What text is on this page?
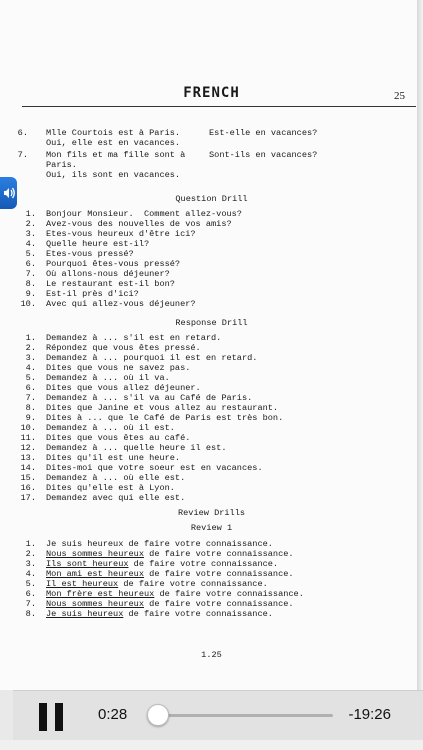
FRENCH	25
6. Mlle Courtois est à Paris.
Oui, elle est en vacances.
Est-elle en vacances?
7. Mon fils et ma fille sont à
Paris.
Oui, ils sont en vacances.
Sont-ils en vacances?
Question Drill
1. Bonjour Monsieur.  Comment allez-vous?
2. Avez-vous des nouvelles de vos amis?
3. Etes-vous heureux d'être ici?
4. Quelle heure est-il?
5. Etes-vous pressé?
6. Pourquoi êtes-vous pressé?
7. Où allons-nous déjeuner?
8. Le restaurant est-il bon?
9. Est-il près d'ici?
10. Avec qui allez-vous déjeuner?
Response Drill
1. Demandez à ... s'il est en retard.
2. Répondez que vous êtes pressé.
3. Demandez à ... pourquoi il est en retard.
4. Dites que vous ne savez pas.
5. Demandez à ... où il va.
6. Dites que vous allez déjeuner.
7. Demandez à ... s'il va au Café de Paris.
8. Dites que Janine et vous allez au restaurant.
9. Dites à ... que le Café de Paris est très bon.
10. Demandez à ... où il est.
11. Dites que vous êtes au café.
12. Demandez à ... quelle heure il est.
13. Dites qu'il est une heure.
14. Dites-moi que votre soeur est en vacances.
15. Demandez à ... où elle est.
16. Dites qu'elle est à Lyon.
17. Demandez avec qui elle est.
Review Drills
Review 1
1. Je suis heureux de faire votre connaissance.
2. Nous sommes heureux de faire votre connaissance.
3. Ils sont heureux de faire votre connaissance.
4. Mon ami est heureux de faire votre connaissance.
5. Il est heureux de faire votre connaissance.
6. Mon frère est heureux de faire votre connaissance.
7. Nous sommes heureux de faire votre connaissance.
8. Je suis heureux de faire votre connaissance.
1.25
0:28	-19:26
